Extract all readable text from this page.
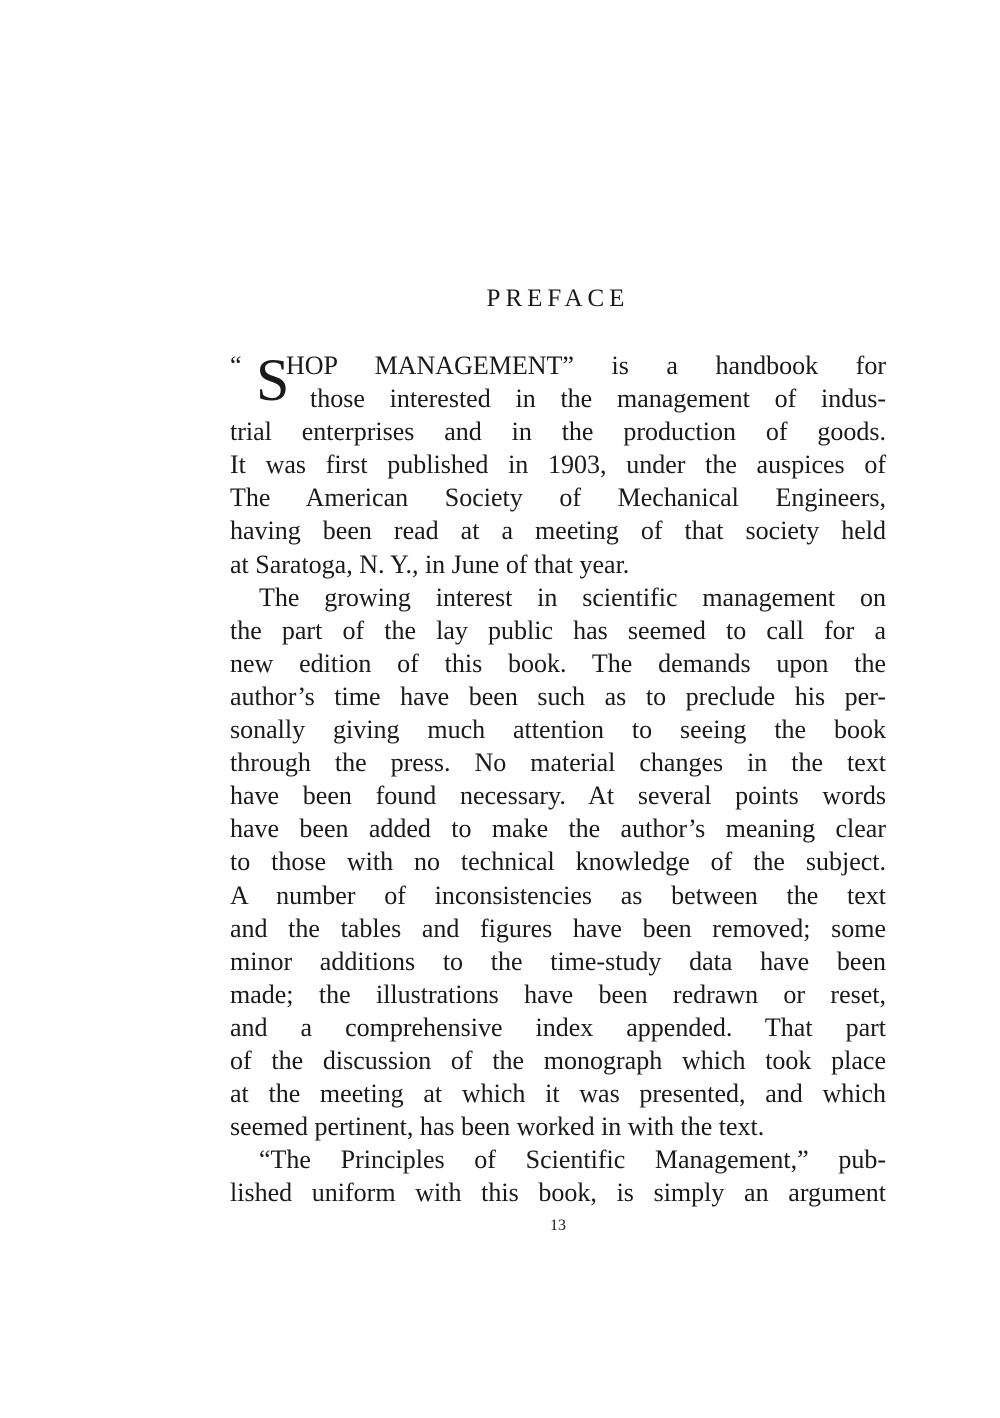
PREFACE
“ S
HOP MANAGEMENT” is a handbook for
those interested in the management of indus-
trial enterprises and in the production of goods.
It was first published in 1903, under the auspices of
The American Society of Mechanical Engineers,
having been read at a meeting of that society held
at Saratoga, N. Y., in June of that year.
The growing interest in scientific management on
the part of the lay public has seemed to call for a
new edition of this book. The demands upon the
author’s time have been such as to preclude his per-
sonally giving much attention to seeing the book
through the press. No material changes in the text
have been found necessary. At several points words
have been added to make the author’s meaning clear
to those with no technical knowledge of the subject.
A number of inconsistencies as between the text
and the tables and figures have been removed; some
minor additions to the time-study data have been
made; the illustrations have been redrawn or reset,
and a comprehensive index appended. That part
of the discussion of the monograph which took place
at the meeting at which it was presented, and which
seemed pertinent, has been worked in with the text.
“The Principles of Scientific Management,” pub-
lished uniform with this book, is simply an argument
13
